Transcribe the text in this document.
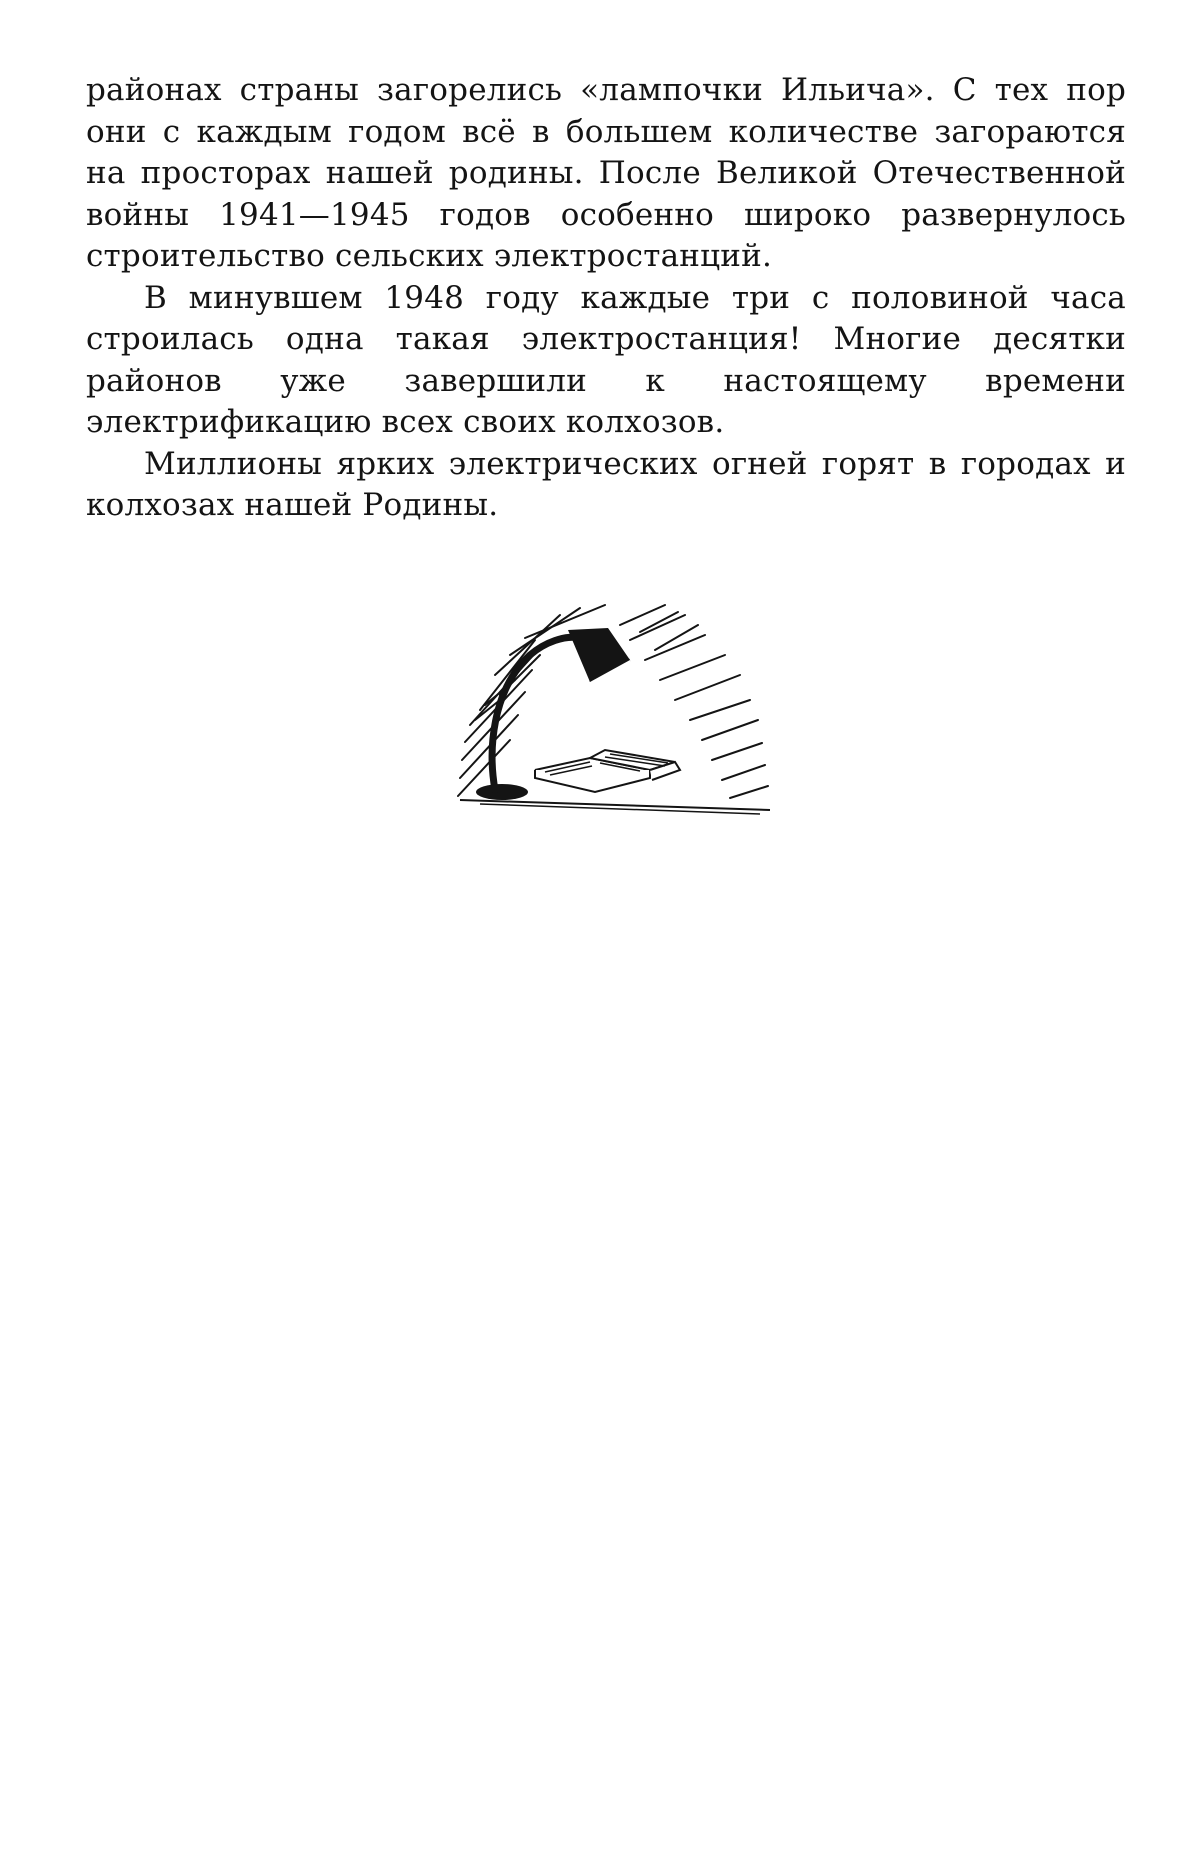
районах страны загорелись «лампочки Ильича». С тех пор они с каждым годом всё в большем количестве загораются на просторах нашей родины. После Великой Отечественной войны 1941—1945 годов особенно широко развернулось строительство сельских электростанций.

В минувшем 1948 году каждые три с половиной часа строилась одна такая электростанция! Многие десятки районов уже завершили к настоящему времени электрификацию всех своих колхозов.

Миллионы ярких электрических огней горят в городах и колхозах нашей Родины.
